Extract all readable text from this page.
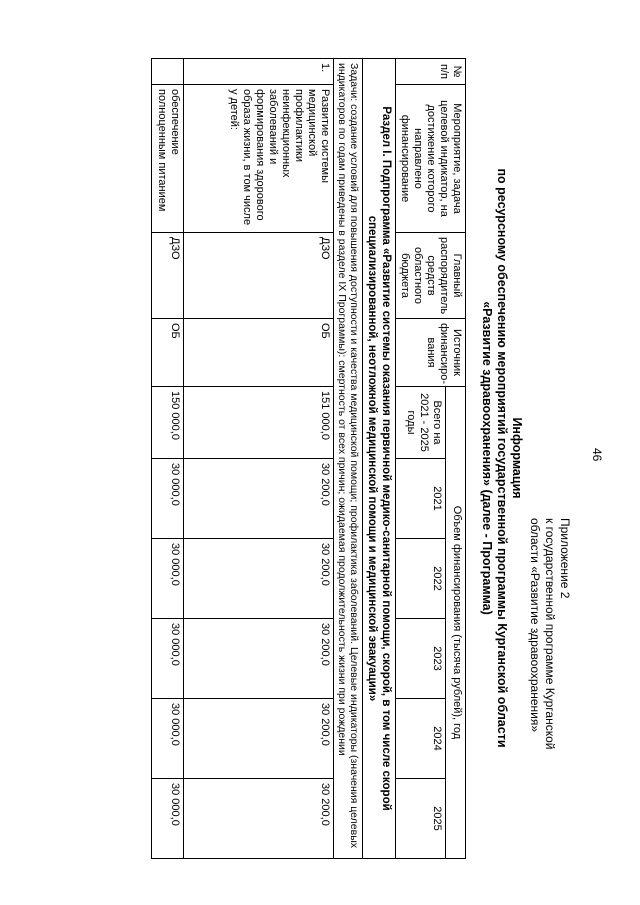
46
Приложение 2
к государственной программе Курганской
области «Развитие здравоохранения»
Информация
по ресурсному обеспечению мероприятий государственной программы Курганской области
«Развитие здравоохранения» (далее - Программа)
№ п/п	Мероприятие, задача целевой индикатор, на достижение которого направлено финансирование	Главный распорядитель средств областного бюджета	Источник финансиро-вания	Объем финансирования (тысяча рублей), год					
				Всего на 2021 - 2025 годы	2021	2022	2023	2024	2025
Раздел I. Подпрограмма «Развитие системы оказания первичной медико-санитарной помощи, скорой, в том числе скорой специализированной, неотложной медицинской помощи и медицинской эвакуации»									
Задачи: создание условий для повышения доступности и качества медицинской помощи; профилактика заболеваний. Целевые индикаторы (значения целевых индикаторов по годам приведены в разделе IX Программы): смертность от всех причин; ожидаемая продолжительность жизни при рождении									
1.	Развитие системы медицинской профилактики неинфекционных заболеваний и формирования здорового образа жизни, в том числе у детей:	ДЗО	ОБ	151 000,0	30 200,0	30 200,0	30 200,0	30 200,0	30 200,0
	обеспечение полноценным питанием	ДЗО	ОБ	150 000,0	30 000,0	30 000,0	30 000,0	30 000,0	30 000,0
